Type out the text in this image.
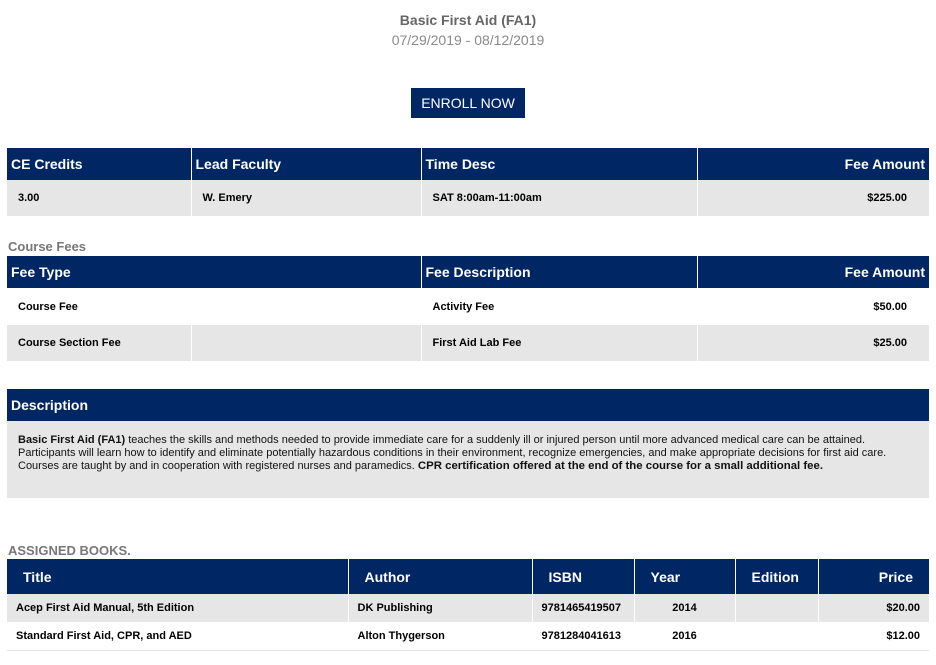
Basic First Aid (FA1)
07/29/2019 - 08/12/2019
ENROLL NOW
CE Credits	Lead Faculty	Time Desc	Fee Amount
3.00	W. Emery	SAT 8:00am-11:00am	$225.00
Course Fees
Fee Type		Fee Description	Fee Amount
Course Fee		Activity Fee	$50.00
Course Section Fee		First Aid Lab Fee	$25.00
Description
Basic First Aid (FA1) teaches the skills and methods needed to provide immediate care for a suddenly ill or injured person until more advanced medical care can be attained. Participants will learn how to identify and eliminate potentially hazardous conditions in their environment, recognize emergencies, and make appropriate decisions for first aid care. Courses are taught by and in cooperation with registered nurses and paramedics. CPR certification offered at the end of the course for a small additional fee.
ASSIGNED BOOKS.
Title	Author	ISBN	Year	Edition	Price
Acep First Aid Manual, 5th Edition	DK Publishing	9781465419507	2014		$20.00
Standard First Aid, CPR, and AED	Alton Thygerson	9781284041613	2016		$12.00
